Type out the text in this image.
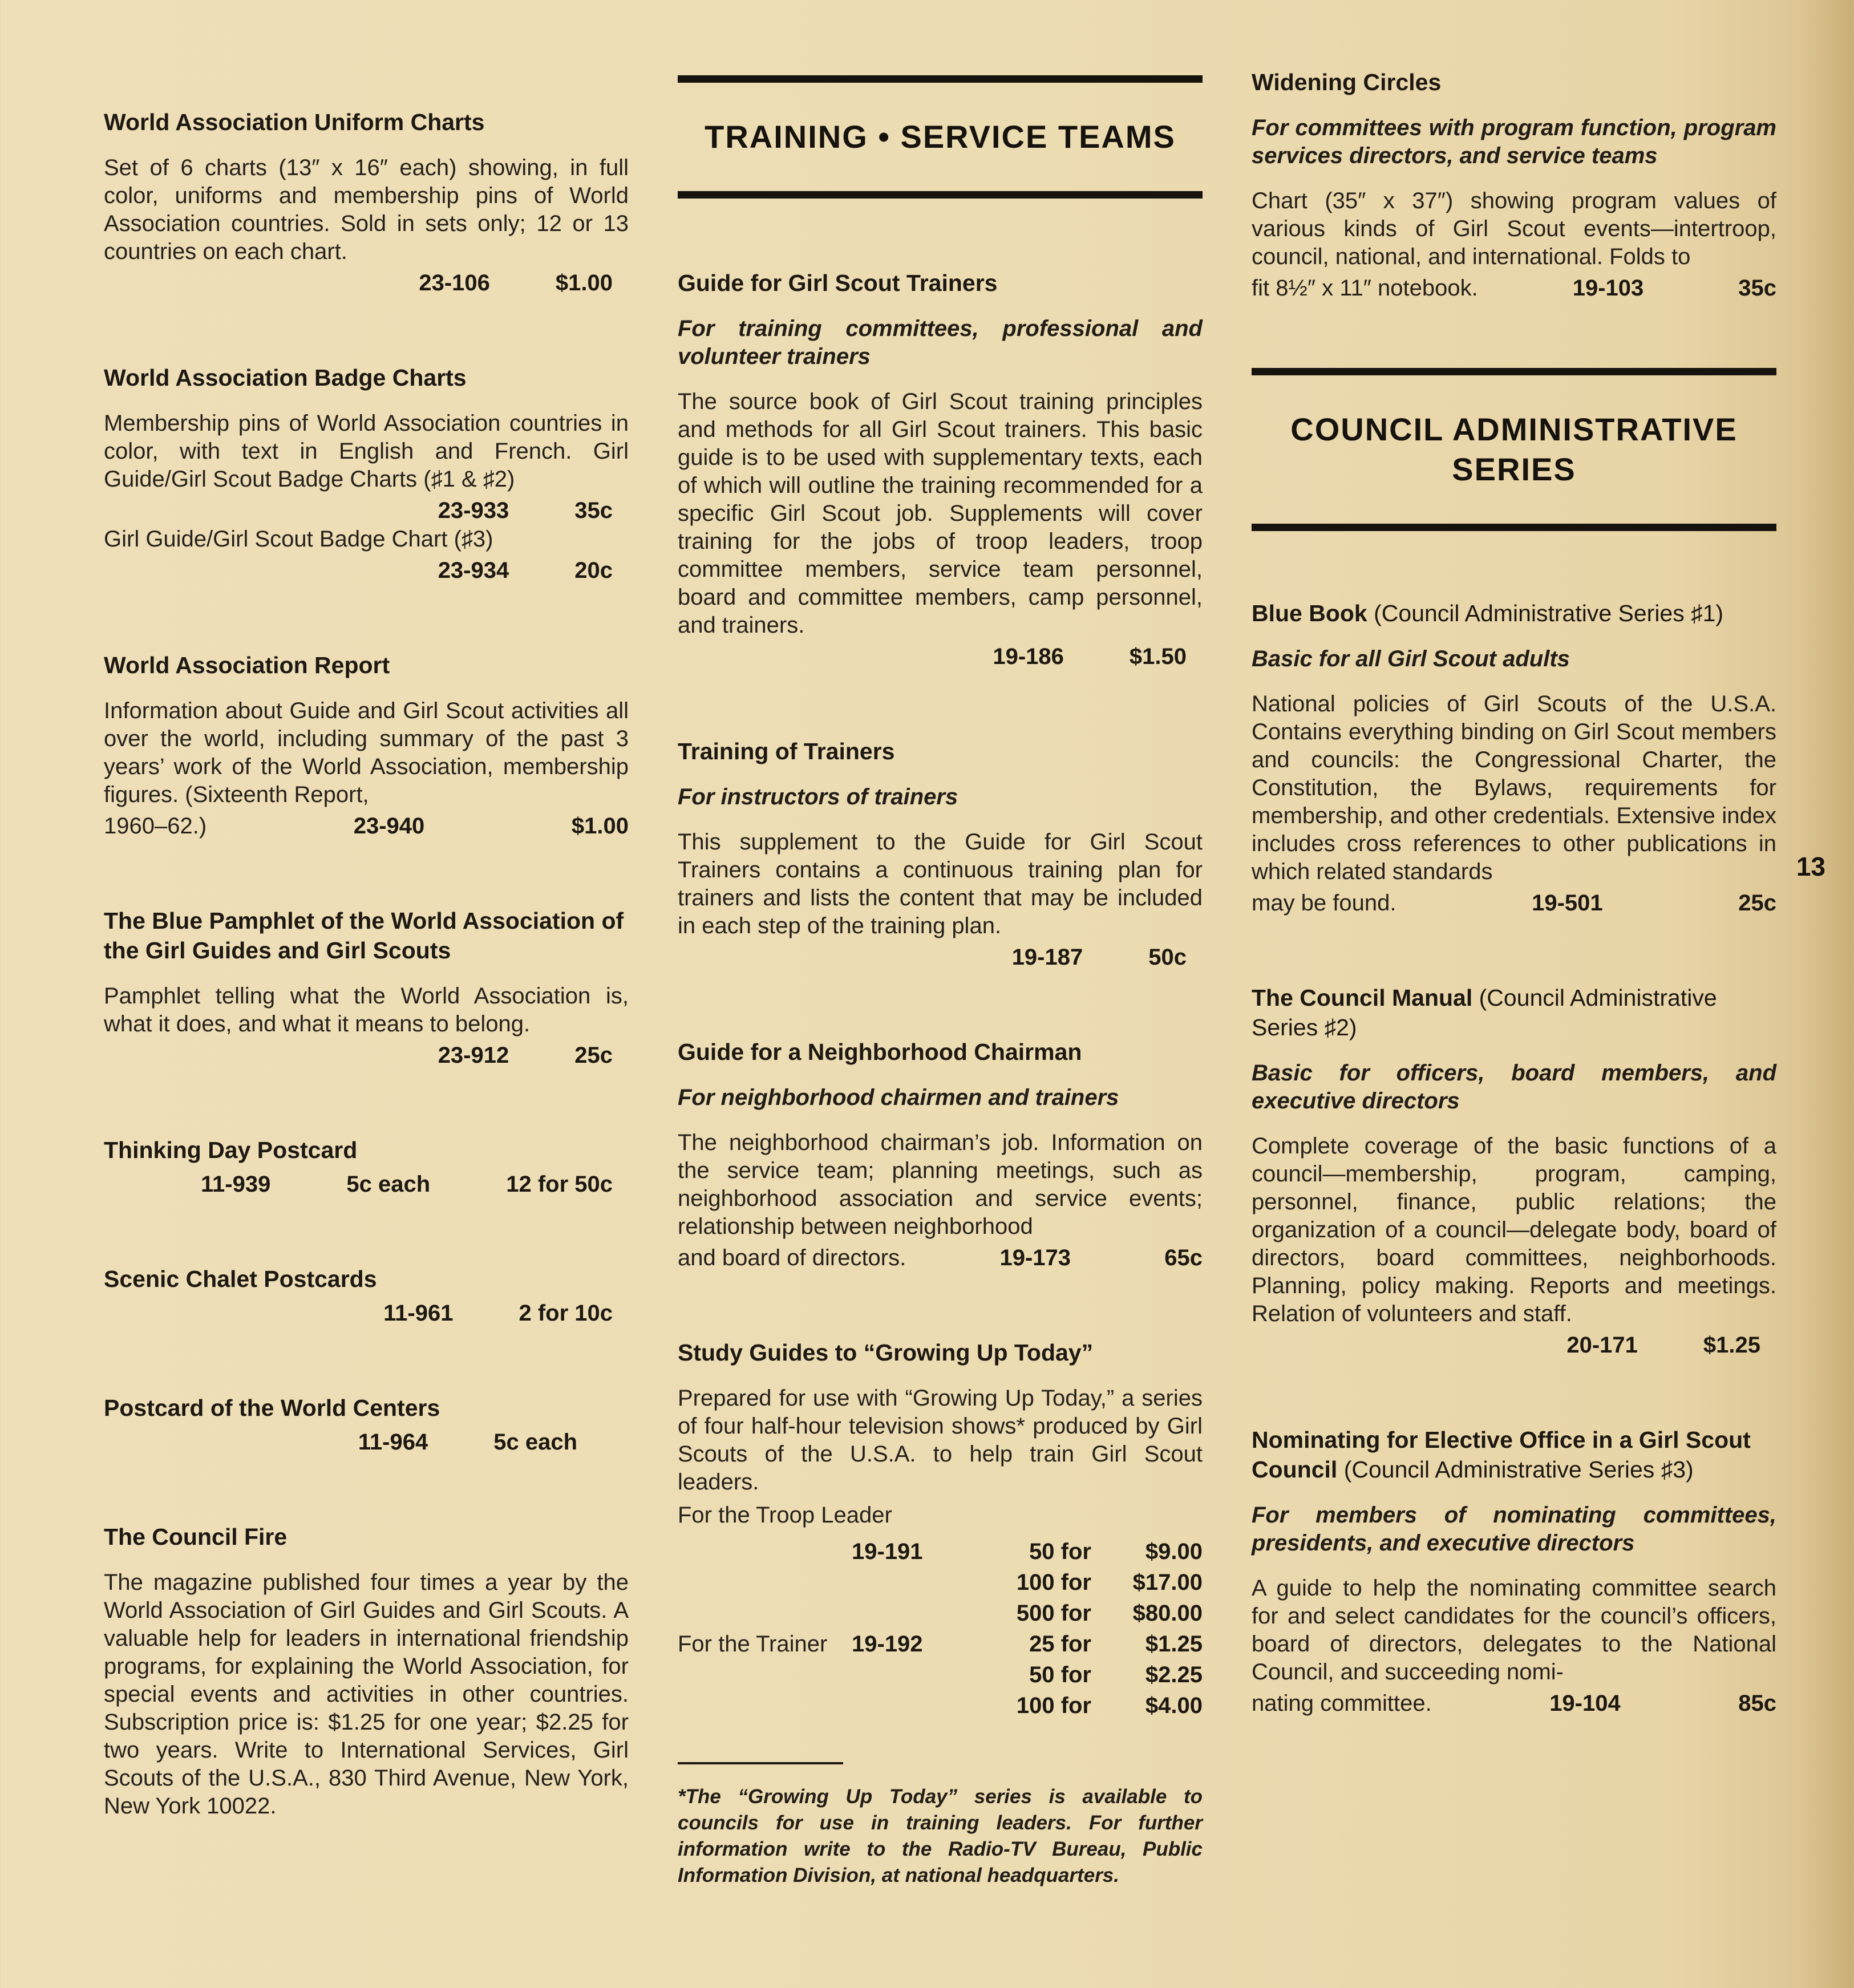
World Association Uniform Charts

Set of 6 charts (13″ x 16″ each) showing, in full color, uniforms and membership pins of World Association countries. Sold in sets only; 12 or 13 countries on each chart.

23-106	$1.00
World Association Badge Charts

Membership pins of World Association countries in color, with text in English and French. Girl Guide/Girl Scout Badge Charts (♯1 & ♯2)

23-933	35c

Girl Guide/Girl Scout Badge Chart (♯3)

23-934	20c
World Association Report

Information about Guide and Girl Scout activities all over the world, including summary of the past 3 years’ work of the World Association, membership figures. (Sixteenth Report,

1960–62.)	23-940	$1.00
The Blue Pamphlet of the World Association of the Girl Guides and Girl Scouts

Pamphlet telling what the World Association is, what it does, and what it means to belong.

23-912	25c
Thinking Day Postcard
11-939	5c each	12 for 50c
Scenic Chalet Postcards
11-961	2 for 10c
Postcard of the World Centers
11-964	5c each
The Council Fire

The magazine published four times a year by the World Association of Girl Guides and Girl Scouts. A valuable help for leaders in international friendship programs, for explaining the World Association, for special events and activities in other countries. Subscription price is: $1.25 for one year; $2.25 for two years. Write to International Services, Girl Scouts of the U.S.A., 830 Third Avenue, New York, New York 10022.

TRAINING • SERVICE TEAMS
Guide for Girl Scout Trainers

For training committees, professional and volunteer trainers

The source book of Girl Scout training principles and methods for all Girl Scout trainers. This basic guide is to be used with supplementary texts, each of which will outline the training recommended for a specific Girl Scout job. Supplements will cover training for the jobs of troop leaders, troop committee members, service team personnel, board and committee members, camp personnel, and trainers.

19-186	$1.50
Training of Trainers

For instructors of trainers

This supplement to the Guide for Girl Scout Trainers contains a continuous training plan for trainers and lists the content that may be included in each step of the training plan.

19-187	50c
Guide for a Neighborhood Chairman

For neighborhood chairmen and trainers

The neighborhood chairman’s job. Information on the service team; planning meetings, such as neighborhood association and service events; relationship between neighborhood

and board of directors.	19-173	65c
Study Guides to “Growing Up Today”

Prepared for use with “Growing Up Today,” a series of four half-hour television shows* produced by Girl Scouts of the U.S.A. to help train Girl Scout leaders.

For the Troop Leader
19-191	50 for	$9.00
100 for	$17.00
500 for	$80.00
For the Trainer	19-192	25 for	$1.25
50 for	$2.25
100 for	$4.00

*The “Growing Up Today” series is available to councils for use in training leaders. For further information write to the Radio-TV Bureau, Public Information Division, at national headquarters.

Widening Circles

For committees with program function, program services directors, and service teams

Chart (35″ x 37″) showing program values of various kinds of Girl Scout events—intertroop, council, national, and international. Folds to

fit 8½″ x 11″ notebook.	19-103	35c
COUNCIL ADMINISTRATIVE SERIES
Blue Book (Council Administrative Series ♯1)

Basic for all Girl Scout adults

National policies of Girl Scouts of the U.S.A. Contains everything binding on Girl Scout members and councils: the Congressional Charter, the Constitution, the Bylaws, requirements for membership, and other credentials. Extensive index includes cross references to other publications in which related standards

may be found.	19-501	25c
The Council Manual (Council Administrative Series ♯2)

Basic for officers, board members, and executive directors

Complete coverage of the basic functions of a council—membership, program, camping, personnel, finance, public relations; the organization of a council—delegate body, board of directors, board committees, neighborhoods. Planning, policy making. Reports and meetings. Relation of volunteers and staff.

20-171	$1.25
Nominating for Elective Office in a Girl Scout Council (Council Administrative Series ♯3)

For members of nominating committees, presidents, and executive directors

A guide to help the nominating committee search for and select candidates for the council’s officers, board of directors, delegates to the National Council, and succeeding nomi-

nating committee.	19-104	85c
13
